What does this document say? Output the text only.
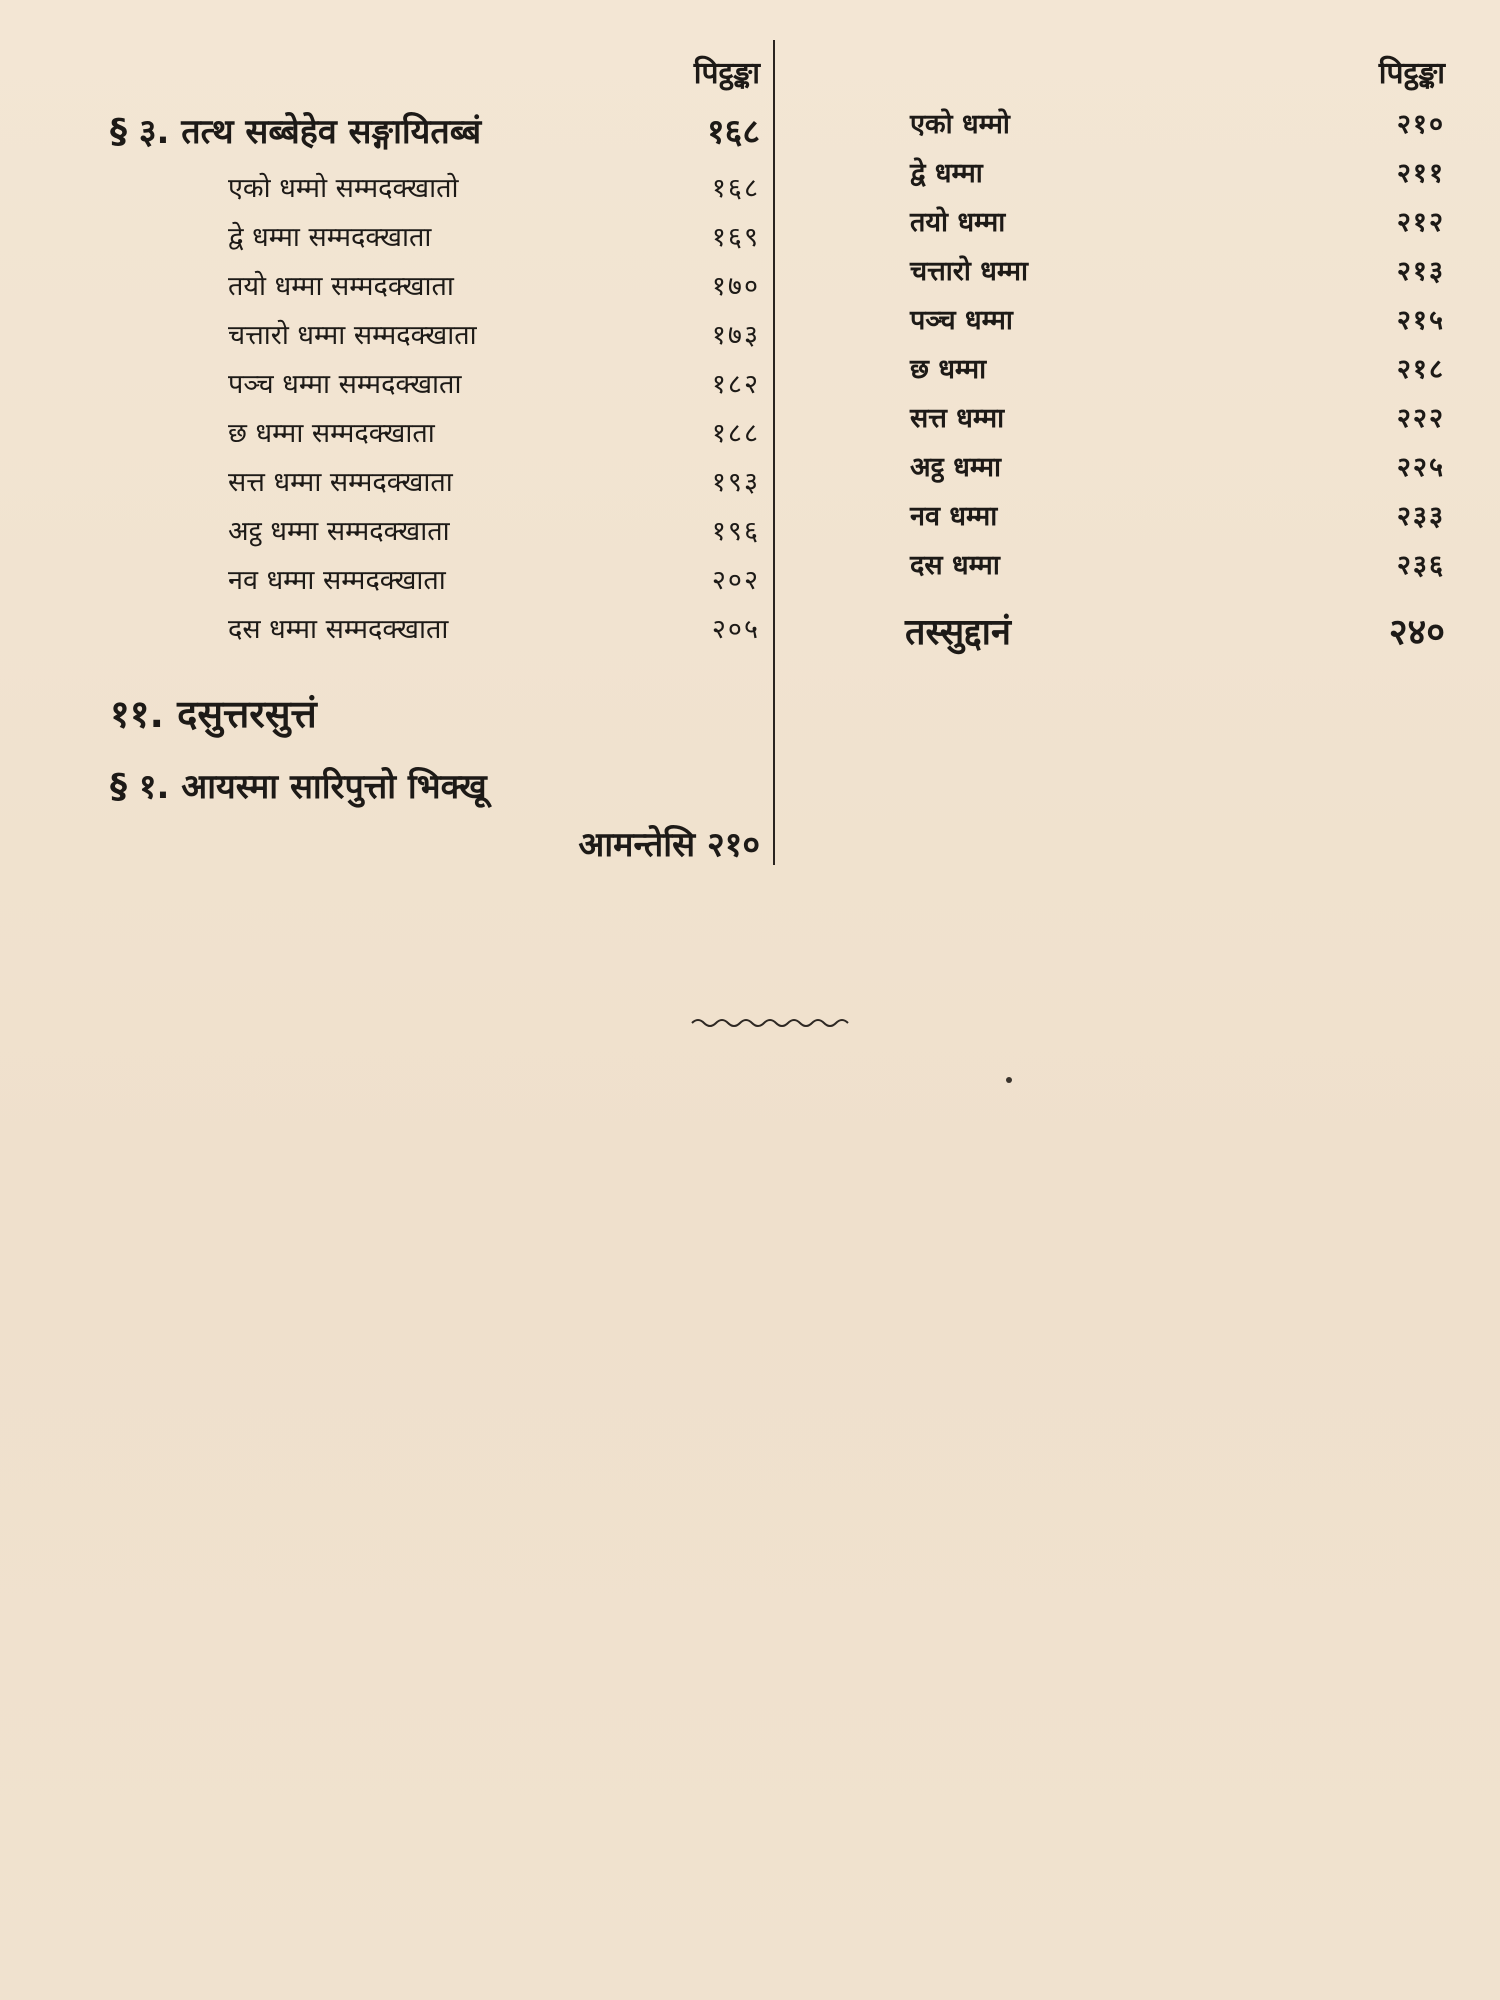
पिट्ठङ्का
§ ३. तत्थ सब्बेहेव सङ्गायितब्बं	१६८
एको धम्मो सम्मदक्खातो	१६८
द्वे धम्मा सम्मदक्खाता	१६९
तयो धम्मा सम्मदक्खाता	१७०
चत्तारो धम्मा सम्मदक्खाता	१७३
पञ्च धम्मा सम्मदक्खाता	१८२
छ धम्मा सम्मदक्खाता	१८८
सत्त धम्मा सम्मदक्खाता	१९३
अट्ठ धम्मा सम्मदक्खाता	१९६
नव धम्मा सम्मदक्खाता	२०२
दस धम्मा सम्मदक्खाता	२०५
११. दसुत्तरसुत्तं
§ १. आयस्मा सारिपुत्तो भिक्खू
आमन्तेसि २१०
पिट्ठङ्का
एको धम्मो	२१०
द्वे धम्मा	२११
तयो धम्मा	२१२
चत्तारो धम्मा	२१३
पञ्च धम्मा	२१५
छ धम्मा	२१८
सत्त धम्मा	२२२
अट्ठ धम्मा	२२५
नव धम्मा	२३३
दस धम्मा	२३६
तस्सुद्दानं	२४०
